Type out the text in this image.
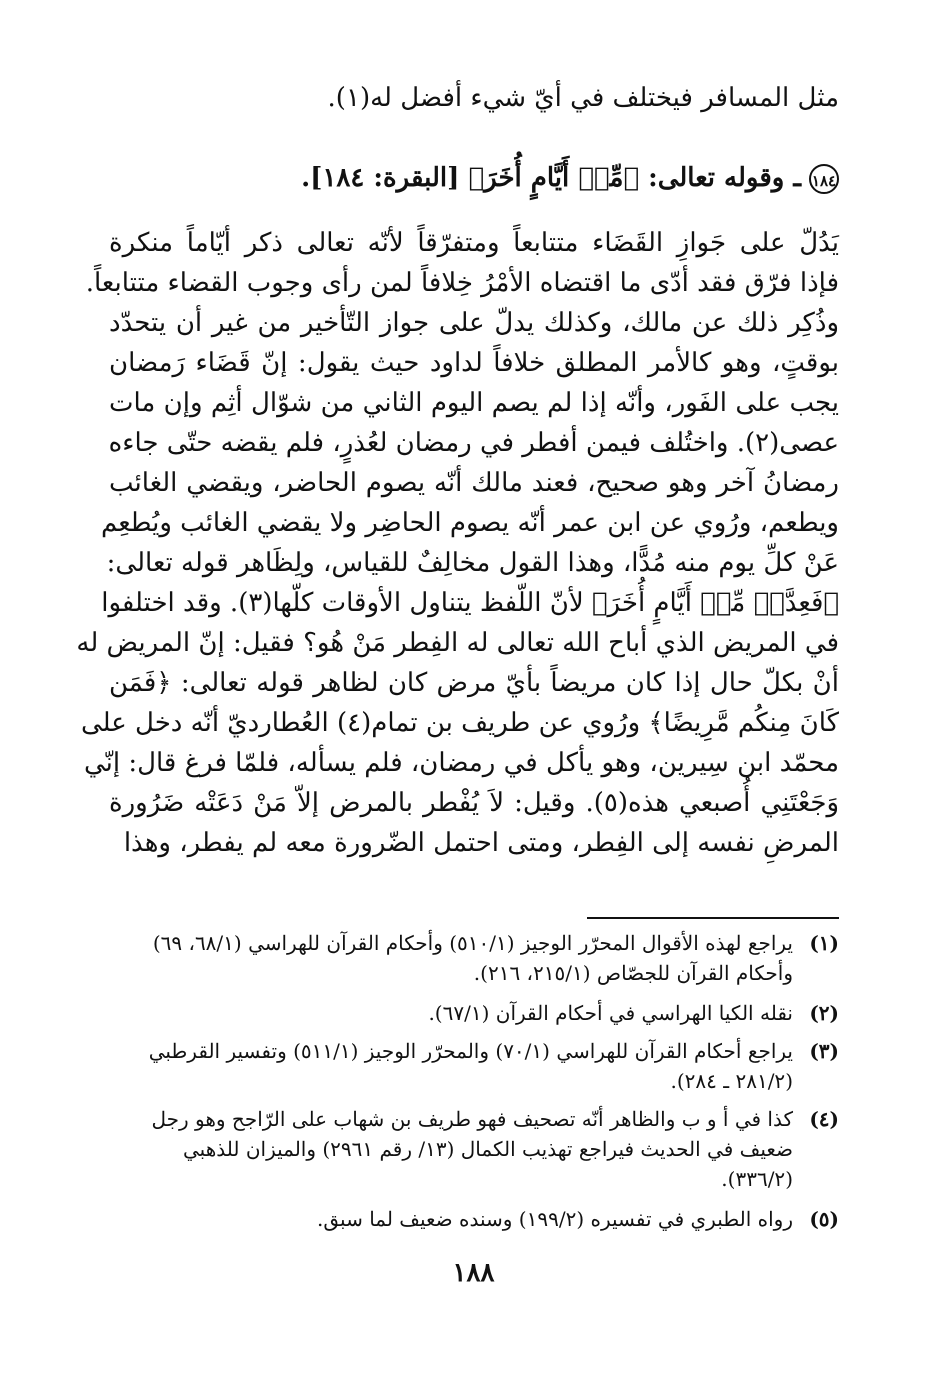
مثل المسافر فيختلف في أيّ شيء أفضل له(١).
١٨٤ـ وقوله تعالى: ﴿مِّنۡ أَيَّامٍ أُخَرَ﴾ [البقرة: ١٨٤].
يَدُلّ على جَوازِ القَضَاء متتابعاً ومتفرّقاً لأنّه تعالى ذكر أيّاماً منكرة
فإذا فرّق فقد أدّى ما اقتضاه الأمْرُ خِلافاً لمن رأى وجوب القضاء متتابعاً.
وذُكِر ذلك عن مالك، وكذلك يدلّ على جواز التّأخير من غير أن يتحدّد
بوقتٍ، وهو كالأمر المطلق خلافاً لداود حيث يقول: إنّ قَضَاء رَمضان
يجب على الفَور، وأنّه إذا لم يصم اليوم الثاني من شوّال أثِم وإن مات
عصى(٢). واختُلف فيمن أفطر في رمضان لعُذرٍ، فلم يقضه حتّى جاءه
رمضانُ آخر وهو صحيح، فعند مالك أنّه يصوم الحاضر، ويقضي الغائب
ويطعم، ورُوي عن ابن عمر أنّه يصوم الحاضِر ولا يقضي الغائب ويُطعِم
عَنْ كلِّ يوم منه مُدًّا، وهذا القول مخالِفٌ للقياس، ولِظَاهر قوله تعالى:
﴿فَعِدَّةٞ مِّنۡ أَيَّامٍ أُخَرَ﴾ لأنّ اللّفظ يتناول الأوقات كلّها(٣). وقد اختلفوا
في المريض الذي أباح الله تعالى له الفِطر مَنْ هُو؟ فقيل: إنّ المريض له
أنْ بكلّ حال إذا كان مريضاً بأيّ مرض كان لظاهر قوله تعالى: ﴿فَمَن
كَانَ مِنكُم مَّرِيضًا﴾ ورُوي عن طريف بن تمام(٤) العُطارديّ أنّه دخل على
محمّد ابن سِيرين، وهو يأكل في رمضان، فلم يسأله، فلمّا فرغ قال: إنّي
وَجَعْتَنِي أُصبعي هذه(٥). وقيل: لاَ يُفْطر بالمرض إلاّ مَنْ دَعَتْه ضَرُورة
المرضِ نفسه إلى الفِطر، ومتى احتمل الضّرورة معه لم يفطر، وهذا
(١)يراجع لهذه الأقوال المحرّر الوجيز (٥١٠/١) وأحكام القرآن للهراسي (٦٨/١، ٦٩)
وأحكام القرآن للجصّاص (٢١٥/١، ٢١٦).
(٢)نقله الكيا الهراسي في أحكام القرآن (٦٧/١).
(٣)يراجع أحكام القرآن للهراسي (٧٠/١) والمحرّر الوجيز (٥١١/١) وتفسير القرطبي
(٢٨١/٢ ـ ٢٨٤).
(٤)كذا في أ و ب والظاهر أنّه تصحيف فهو طريف بن شهاب على الرّاجح وهو رجل
ضعيف في الحديث فيراجع تهذيب الكمال (١٣/ رقم ٢٩٦١) والميزان للذهبي
(٣٣٦/٢).
(٥)رواه الطبري في تفسيره (١٩٩/٢) وسنده ضعيف لما سبق.
١٨٨
